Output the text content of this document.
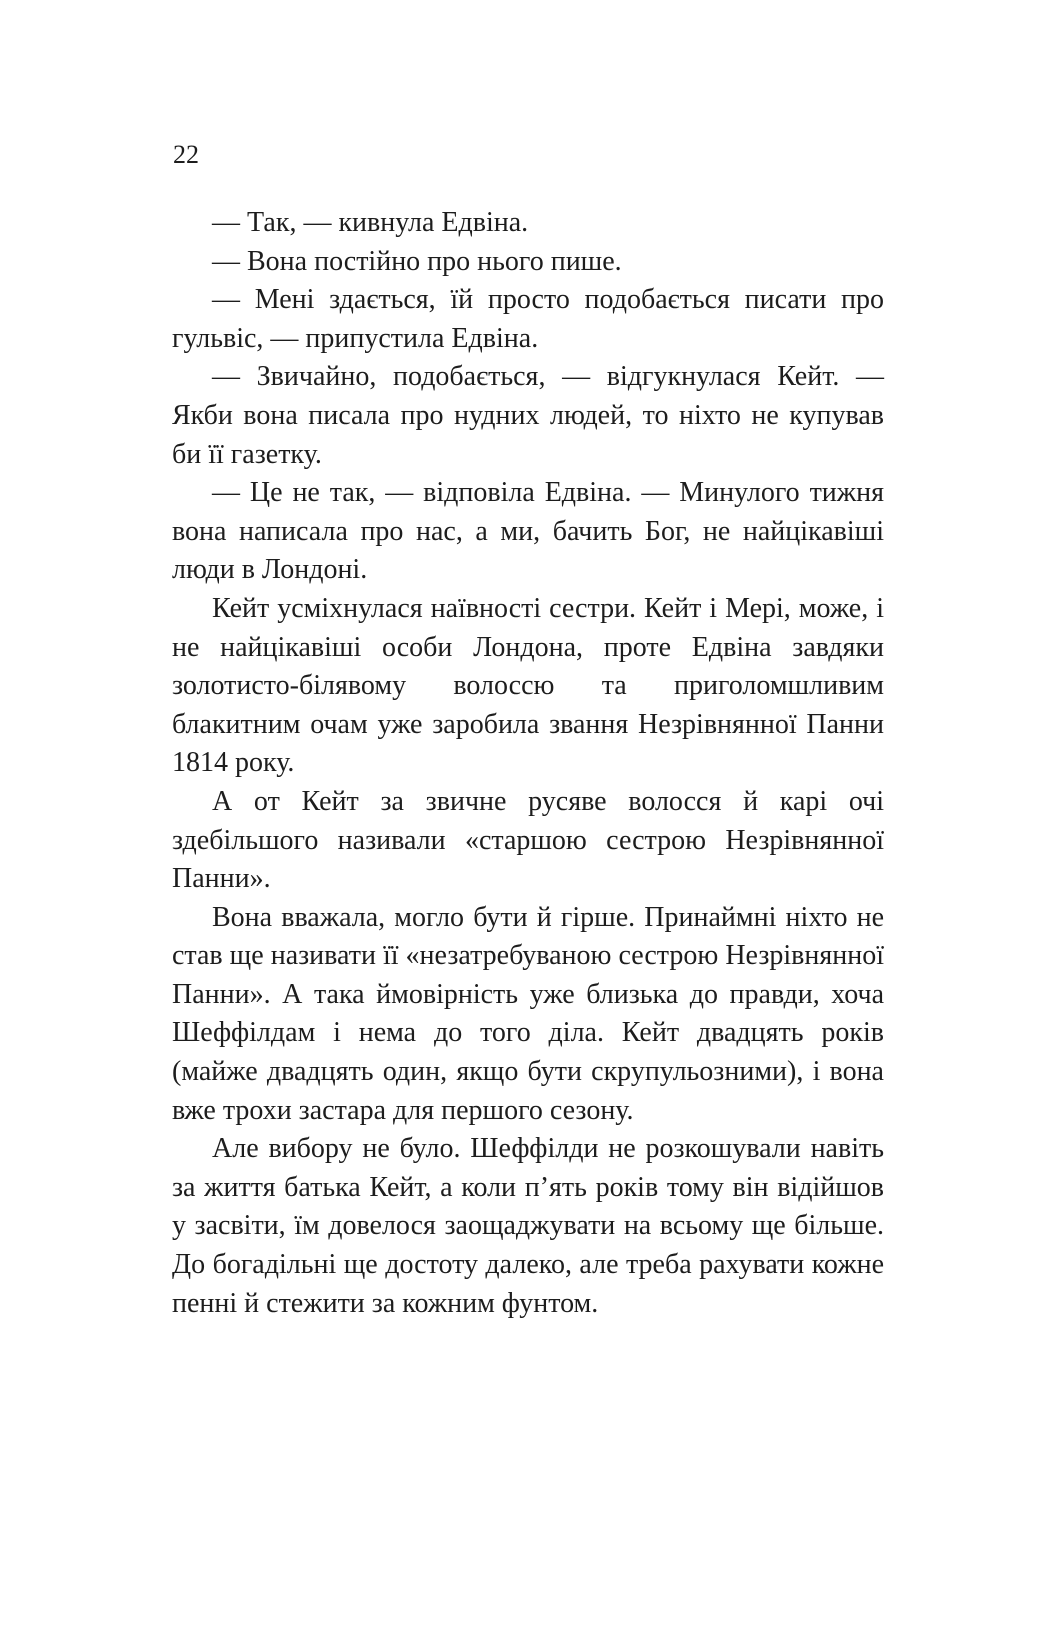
22

— Так, — кивнула Едвіна.

— Вона постійно про нього пише.

— Мені здається, їй просто подобається писати про гульвіс, — припустила Едвіна.

— Звичайно, подобається, — відгукнулася Кейт. — Якби вона писала про нудних людей, то ніхто не купував би її газетку.

— Це не так, — відповіла Едвіна. — Минулого тижня вона написала про нас, а ми, бачить Бог, не найцікавіші люди в Лондоні.

Кейт усміхнулася наївності сестри. Кейт і Мері, може, і не найцікавіші особи Лондона, проте Едвіна завдяки золотисто-білявому волоссю та приголомшливим блакитним очам уже заробила звання Незрівнянної Панни 1814 року.

А от Кейт за звичне русяве волосся й карі очі здебільшого називали «старшою сестрою Незрівнянної Панни».

Вона вважала, могло бути й гірше. Принаймні ніхто не став ще називати її «незатребуваною сестрою Незрівнянної Панни». А така ймовірність уже близька до правди, хоча Шеффілдам і нема до того діла. Кейт двадцять років (майже двадцять один, якщо бути скрупульозними), і вона вже трохи застара для першого сезону.

Але вибору не було. Шеффілди не розкошували навіть за життя батька Кейт, а коли п’ять років тому він відійшов у засвіти, їм довелося заощаджувати на всьому ще більше. До богадільні ще достоту далеко, але треба рахувати кожне пенні й стежити за кожним фунтом.
